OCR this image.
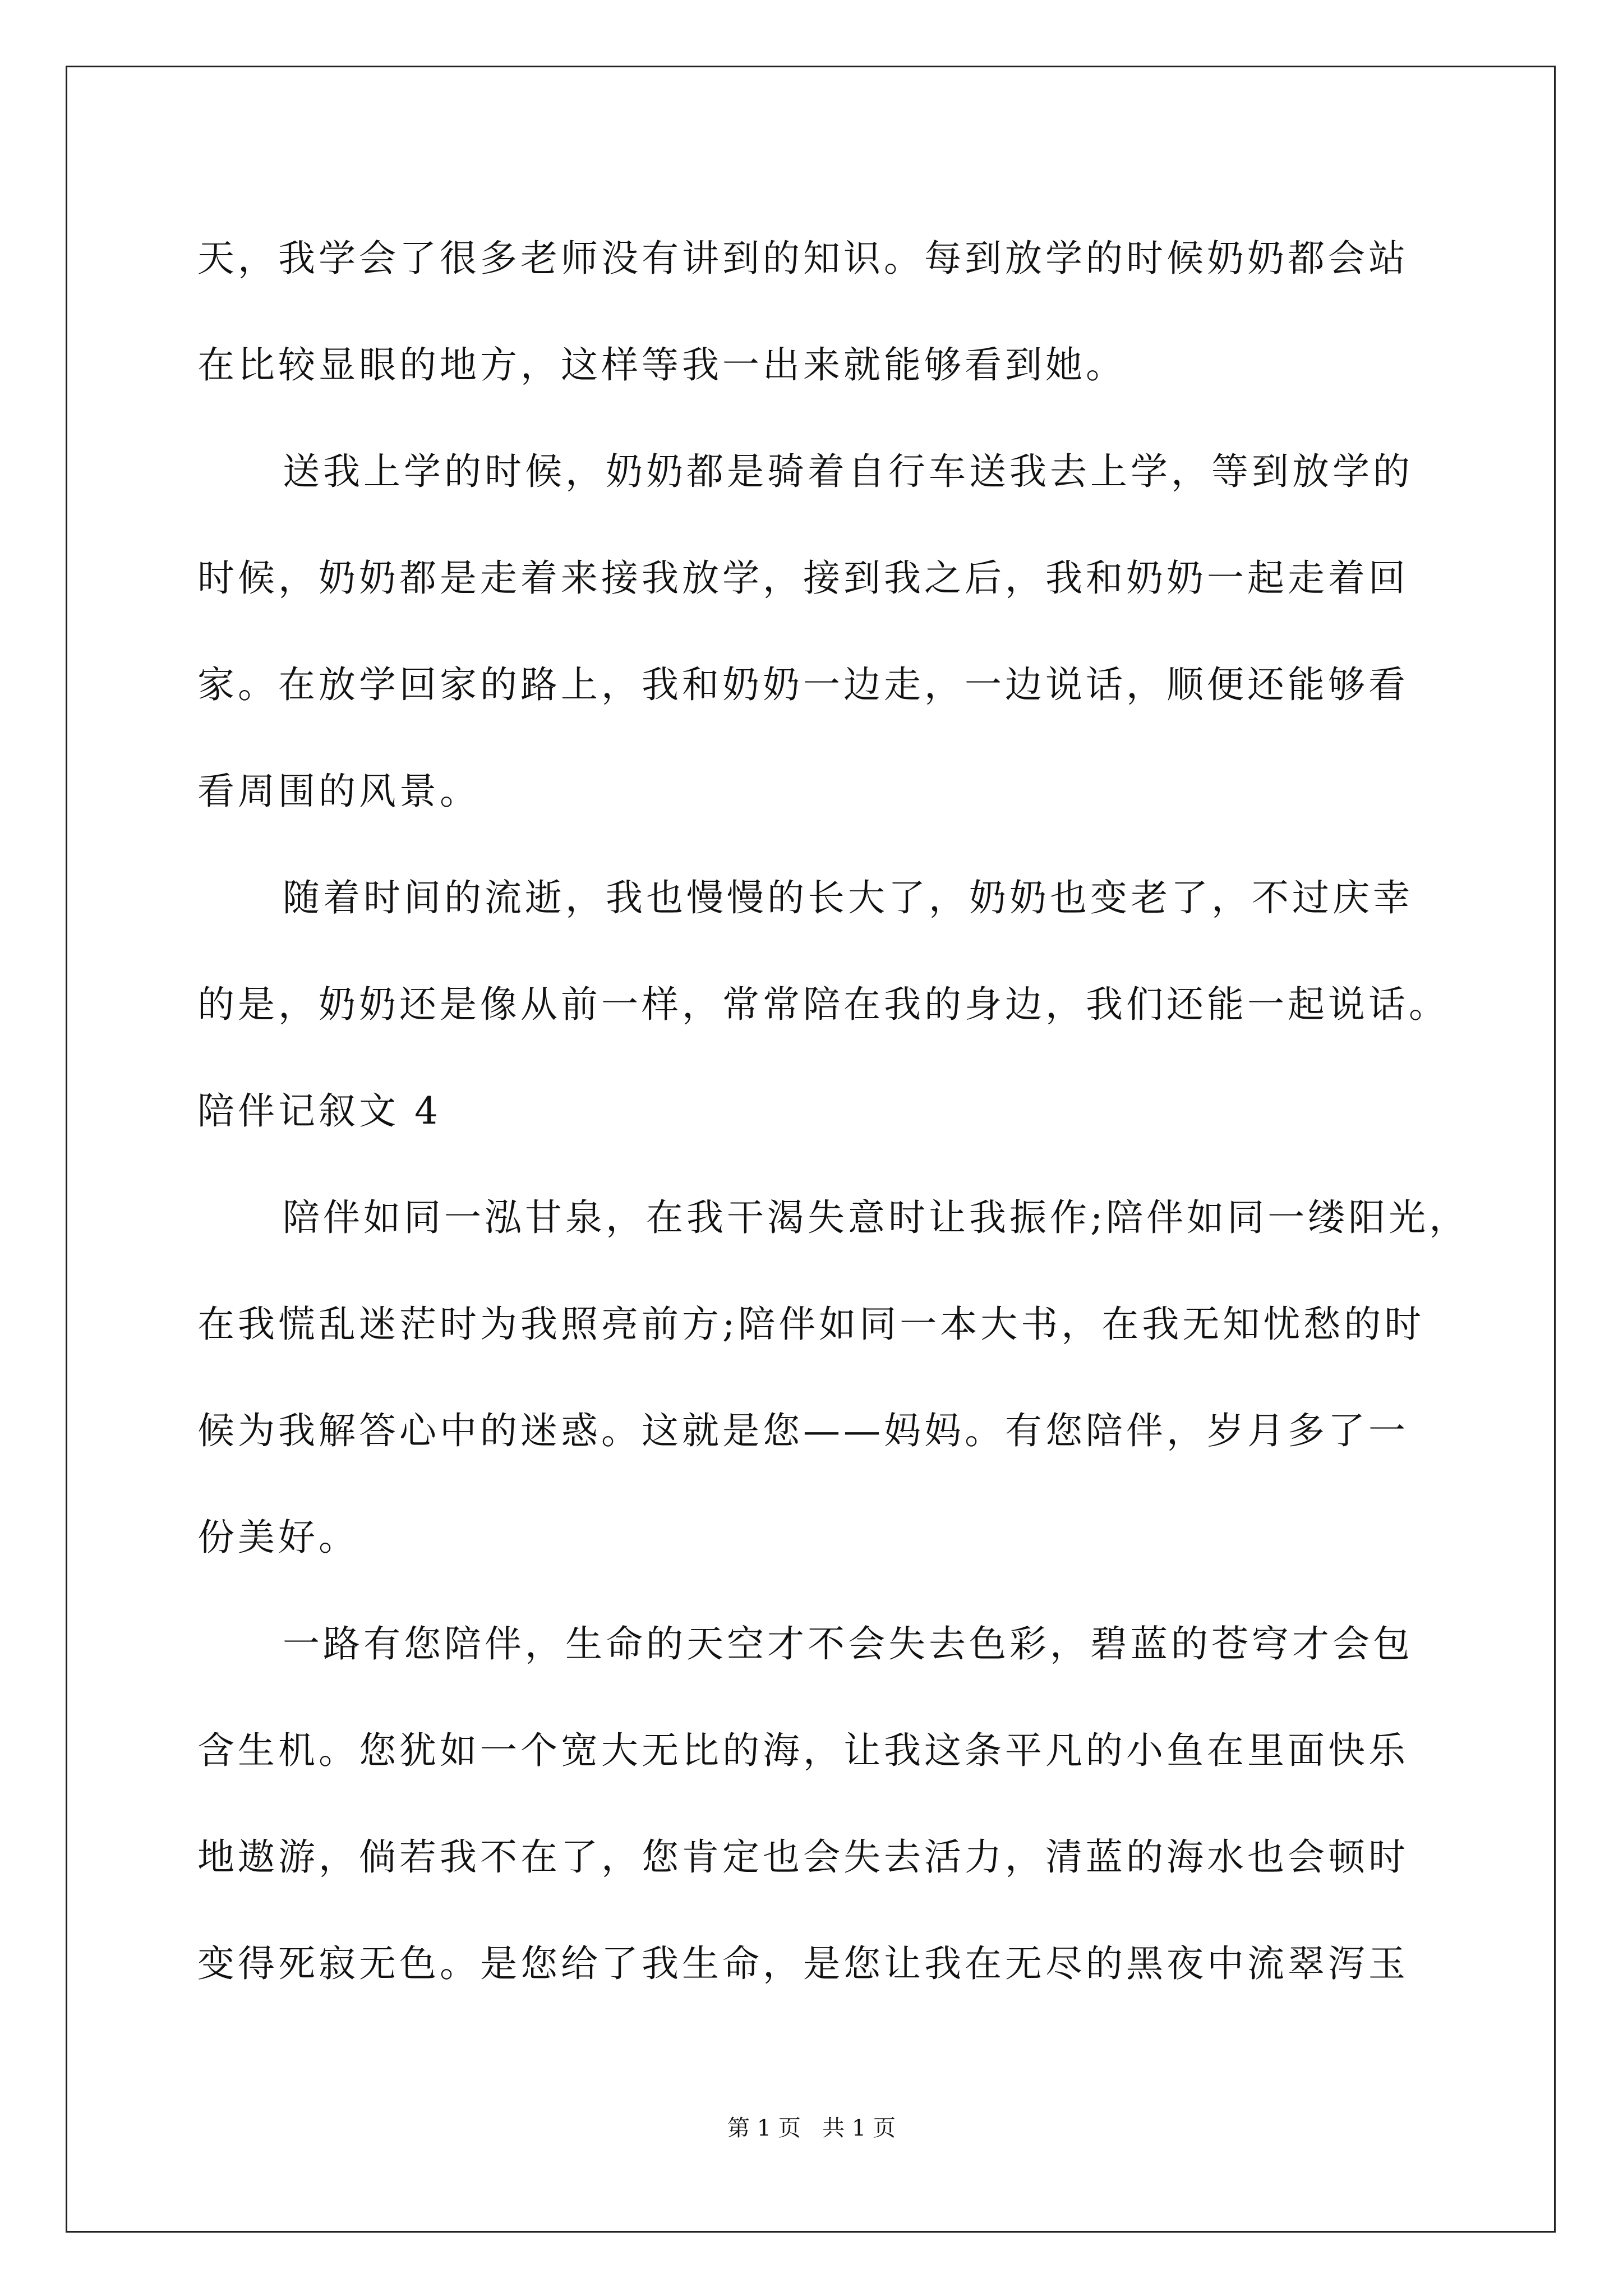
天，我学会了很多老师没有讲到的知识。每到放学的时候奶奶都会站
在比较显眼的地方，这样等我一出来就能够看到她。
送我上学的时候，奶奶都是骑着自行车送我去上学，等到放学的
时候，奶奶都是走着来接我放学，接到我之后，我和奶奶一起走着回
家。在放学回家的路上，我和奶奶一边走，一边说话，顺便还能够看
看周围的风景。
随着时间的流逝，我也慢慢的长大了，奶奶也变老了，不过庆幸
的是，奶奶还是像从前一样，常常陪在我的身边，我们还能一起说话。
陪伴记叙文 4
陪伴如同一泓甘泉，在我干渴失意时让我振作;陪伴如同一缕阳光，
在我慌乱迷茫时为我照亮前方;陪伴如同一本大书，在我无知忧愁的时
候为我解答心中的迷惑。这就是您——妈妈。有您陪伴，岁月多了一
份美好。
一路有您陪伴，生命的天空才不会失去色彩，碧蓝的苍穹才会包
含生机。您犹如一个宽大无比的海，让我这条平凡的小鱼在里面快乐
地遨游，倘若我不在了，您肯定也会失去活力，清蓝的海水也会顿时
变得死寂无色。是您给了我生命，是您让我在无尽的黑夜中流翠泻玉
第 1 页   共 1 页
